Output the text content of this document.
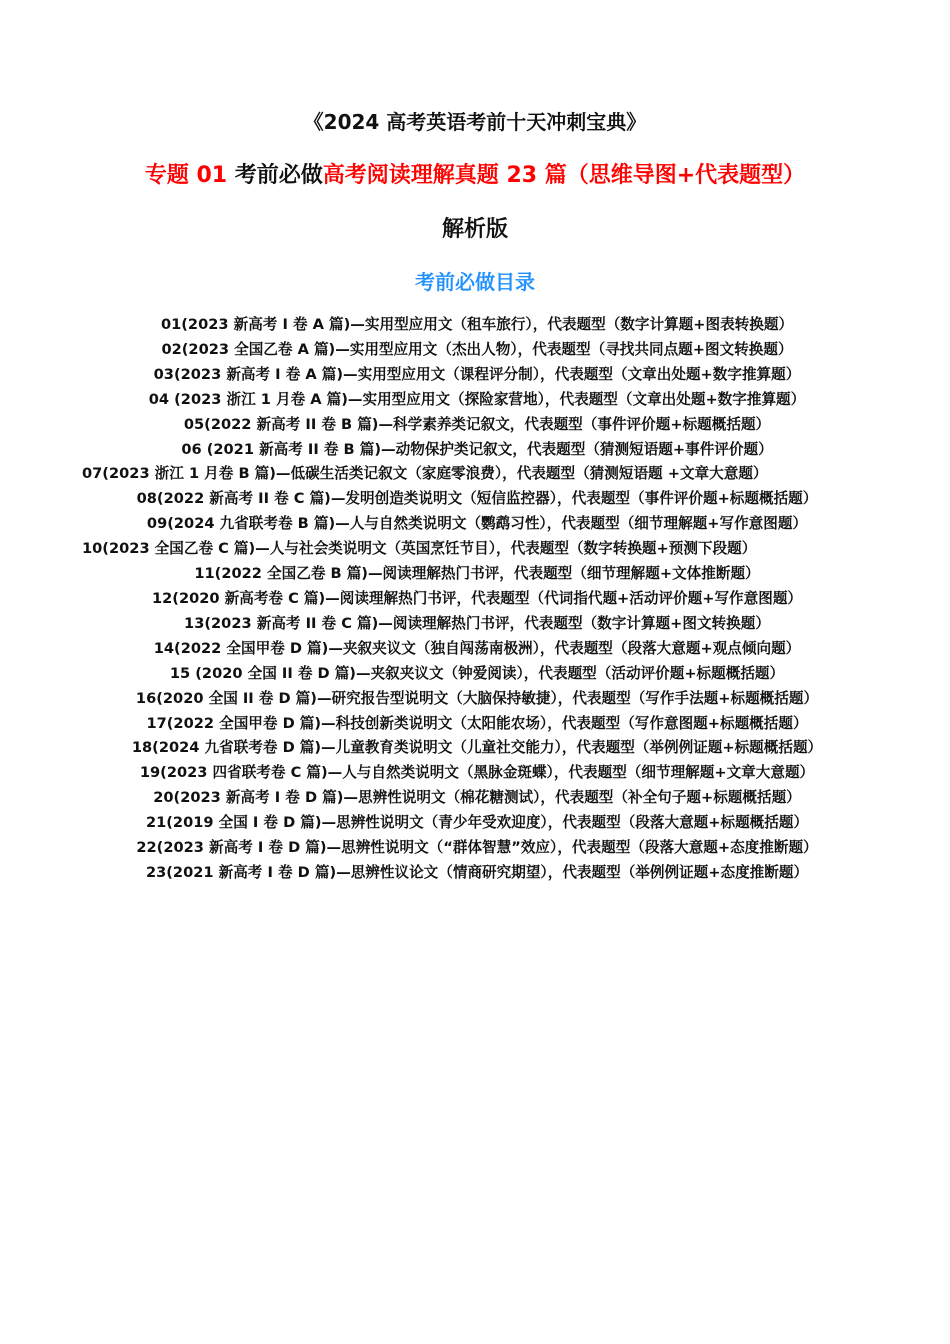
《2024 高考英语考前十天冲刺宝典》
专题 01 考前必做高考阅读理解真题 23 篇（思维导图+代表题型）
解析版
考前必做目录
01(2023 新高考 I 卷 A 篇)—实用型应用文（租车旅行），代表题型（数字计算题+图表转换题）
02(2023 全国乙卷 A 篇)—实用型应用文（杰出人物），代表题型（寻找共同点题+图文转换题）
03(2023 新高考 I 卷 A 篇)—实用型应用文（课程评分制），代表题型（文章出处题+数字推算题）
04 (2023 浙江 1 月卷 A 篇)—实用型应用文（探险家营地），代表题型（文章出处题+数字推算题）
05(2022 新高考 II 卷 B 篇)—科学素养类记叙文，代表题型（事件评价题+标题概括题）
06 (2021 新高考 II 卷 B 篇)—动物保护类记叙文，代表题型（猜测短语题+事件评价题）
07(2023 浙江 1 月卷 B 篇)—低碳生活类记叙文（家庭零浪费），代表题型（猜测短语题 +文章大意题）
08(2022 新高考 II 卷 C 篇)—发明创造类说明文（短信监控器），代表题型（事件评价题+标题概括题）
09(2024 九省联考卷 B 篇)—人与自然类说明文（鹦鹉习性），代表题型（细节理解题+写作意图题）
10(2023 全国乙卷 C 篇)—人与社会类说明文（英国烹饪节目），代表题型（数字转换题+预测下段题）
11(2022 全国乙卷 B 篇)—阅读理解热门书评，代表题型（细节理解题+文体推断题）
12(2020 新高考卷 C 篇)—阅读理解热门书评，代表题型（代词指代题+活动评价题+写作意图题）
13(2023 新高考 II 卷 C 篇)—阅读理解热门书评，代表题型（数字计算题+图文转换题）
14(2022 全国甲卷 D 篇)—夹叙夹议文（独自闯荡南极洲），代表题型（段落大意题+观点倾向题）
15 (2020 全国 II 卷 D 篇)—夹叙夹议文（钟爱阅读），代表题型（活动评价题+标题概括题）
16(2020 全国 II 卷 D 篇)—研究报告型说明文（大脑保持敏捷），代表题型（写作手法题+标题概括题）
17(2022 全国甲卷 D 篇)—科技创新类说明文（太阳能农场），代表题型（写作意图题+标题概括题）
18(2024 九省联考卷 D 篇)—儿童教育类说明文（儿童社交能力），代表题型（举例例证题+标题概括题）
19(2023 四省联考卷 C 篇)—人与自然类说明文（黑脉金斑蝶），代表题型（细节理解题+文章大意题）
20(2023 新高考 I 卷 D 篇)—思辨性说明文（棉花糖测试），代表题型（补全句子题+标题概括题）
21(2019 全国 I 卷 D 篇)—思辨性说明文（青少年受欢迎度），代表题型（段落大意题+标题概括题）
22(2023 新高考 I 卷 D 篇)—思辨性说明文（“群体智慧”效应），代表题型（段落大意题+态度推断题）
23(2021 新高考 I 卷 D 篇)—思辨性议论文（情商研究期望），代表题型（举例例证题+态度推断题）
